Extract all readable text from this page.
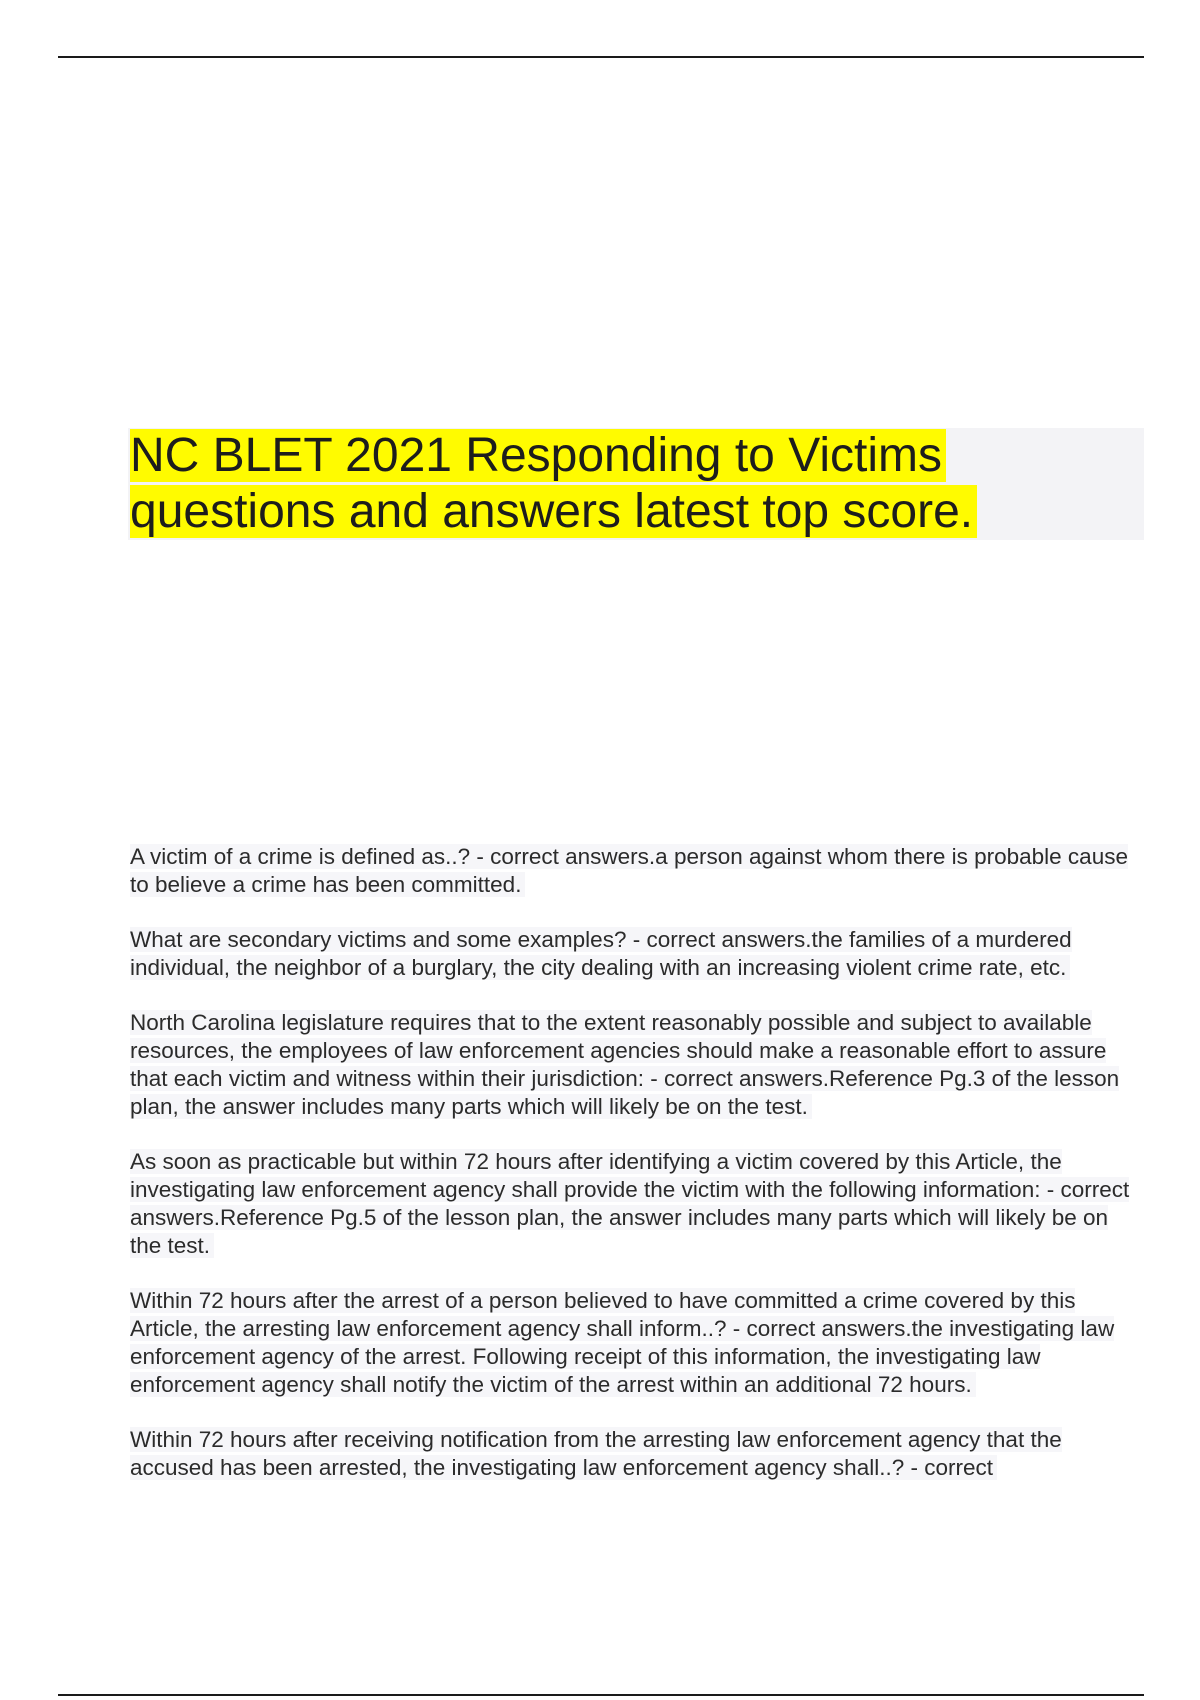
NC BLET 2021 Responding to Victims
questions and answers latest top score.
A victim of a crime is defined as..? - correct answers.a person against whom there is probable cause to believe a crime has been committed.
What are secondary victims and some examples? - correct answers.the families of a murdered individual, the neighbor of a burglary, the city dealing with an increasing violent crime rate, etc.
North Carolina legislature requires that to the extent reasonably possible and subject to available resources, the employees of law enforcement agencies should make a reasonable effort to assure that each victim and witness within their jurisdiction: - correct answers.Reference Pg.3 of the lesson plan, the answer includes many parts which will likely be on the test.
As soon as practicable but within 72 hours after identifying a victim covered by this Article, the investigating law enforcement agency shall provide the victim with the following information: - correct answers.Reference Pg.5 of the lesson plan, the answer includes many parts which will likely be on the test.
Within 72 hours after the arrest of a person believed to have committed a crime covered by this Article, the arresting law enforcement agency shall inform..? - correct answers.the investigating law enforcement agency of the arrest. Following receipt of this information, the investigating law enforcement agency shall notify the victim of the arrest within an additional 72 hours.
Within 72 hours after receiving notification from the arresting law enforcement agency that the accused has been arrested, the investigating law enforcement agency shall..? - correct
